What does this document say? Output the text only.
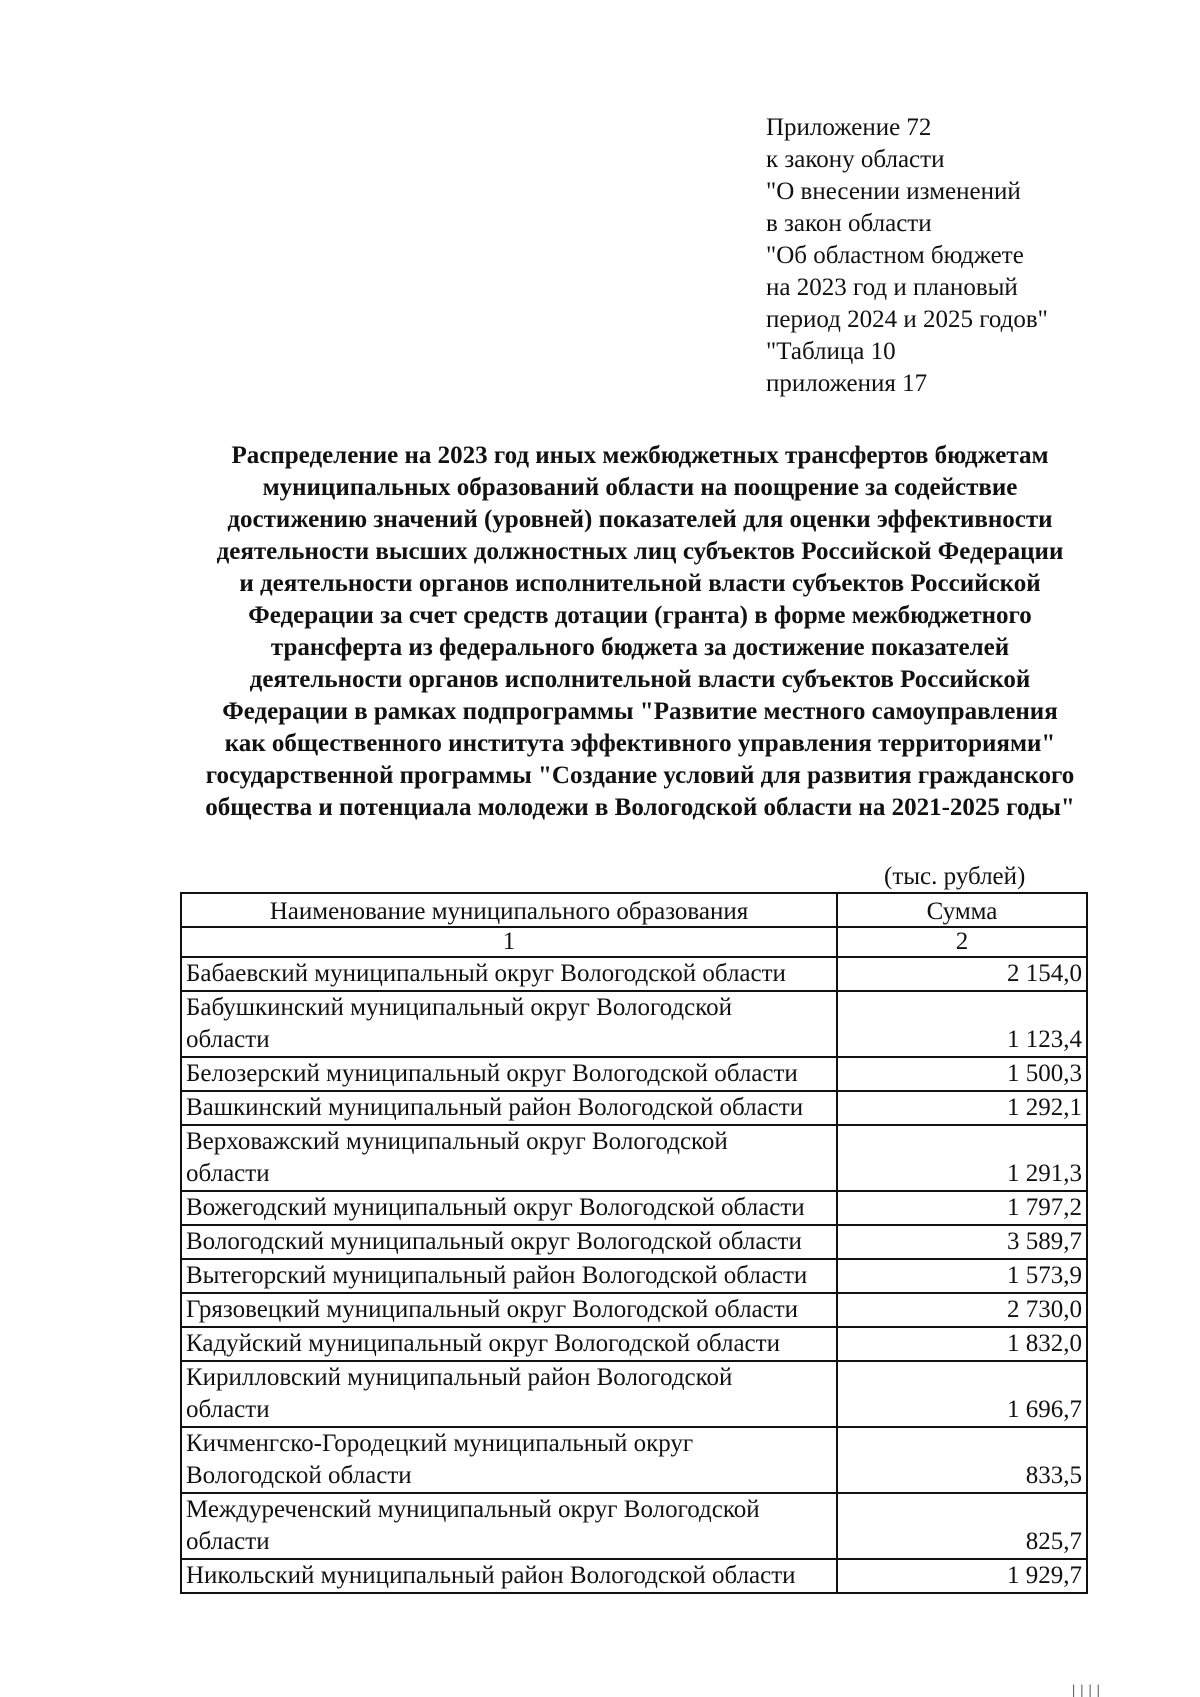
Приложение 72
к закону области
"О внесении изменений
в закон области
"Об областном бюджете
на 2023 год и плановый
период 2024 и 2025 годов"
"Таблица 10
приложения 17
Распределение на 2023 год иных межбюджетных трансфертов бюджетам
муниципальных образований области на поощрение за содействие
достижению значений (уровней) показателей для оценки эффективности
деятельности высших должностных лиц субъектов Российской Федерации
и деятельности органов исполнительной власти субъектов Российской
Федерации за счет средств дотации (гранта) в форме межбюджетного
трансферта из федерального бюджета за достижение показателей
деятельности органов исполнительной власти субъектов Российской
Федерации в рамках подпрограммы "Развитие местного самоуправления
как общественного института эффективного управления территориями"
государственной программы "Создание условий для развития гражданского
общества и потенциала молодежи в Вологодской области на 2021-2025 годы"
(тыс. рублей)
Наименование муниципального образования	Сумма
1	2

Бабаевский муниципальный округ Вологодской области	2 154,0

Бабушкинский муниципальный округ Вологодской
области	1 123,4

Белозерский муниципальный округ Вологодской области	1 500,3

Вашкинский муниципальный район Вологодской области	1 292,1

Верховажский муниципальный округ Вологодской
области	1 291,3

Вожегодский муниципальный округ Вологодской области	1 797,2

Вологодский муниципальный округ Вологодской области	3 589,7

Вытегорский муниципальный район Вологодской области	1 573,9

Грязовецкий муниципальный округ Вологодской области	2 730,0

Кадуйский муниципальный округ Вологодской области	1 832,0

Кирилловский муниципальный район Вологодской
области	1 696,7

Кичменгско-Городецкий муниципальный округ
Вологодской области	833,5

Междуреченский муниципальный округ Вологодской
области	825,7

Никольский муниципальный район Вологодской области	1 929,7
||||
